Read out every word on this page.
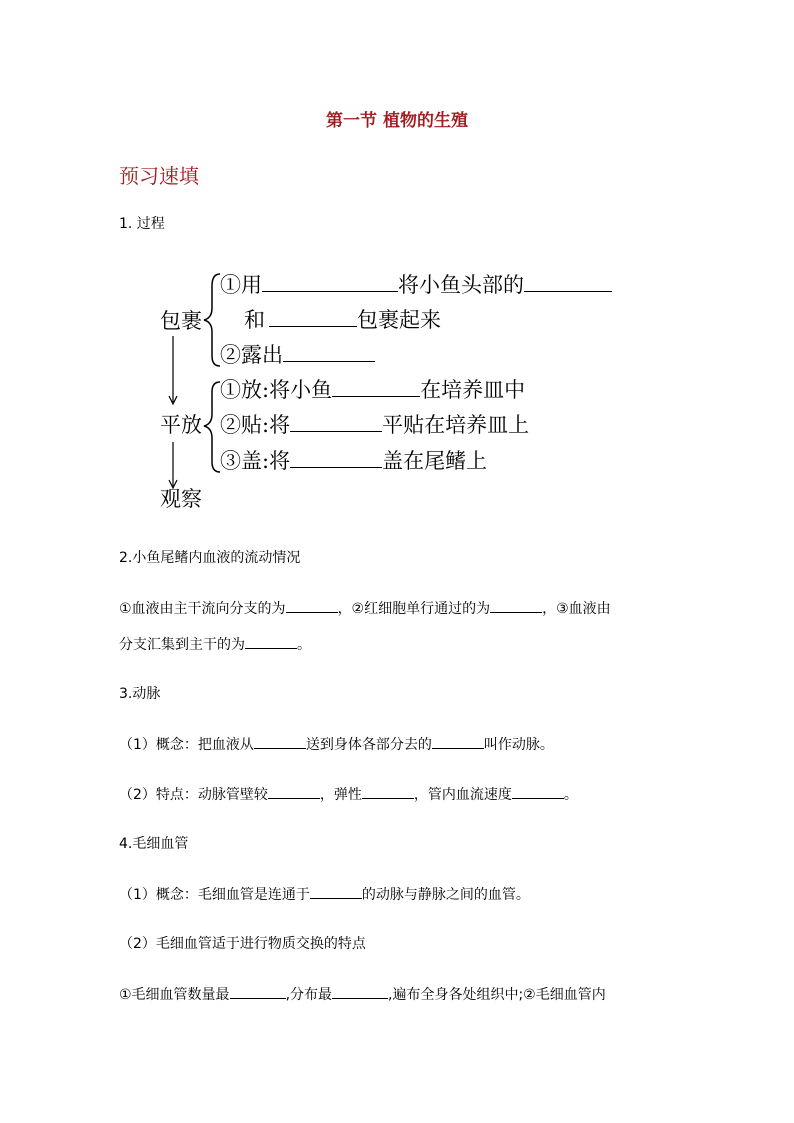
第一节 植物的生殖
预习速填
1. 过程
包裹
平放
观察
①用	将小鱼头部的
和	包裹起来
②露出
①放:将小鱼	在培养皿中
②贴:将	平贴在培养皿上
③盖:将	盖在尾鳍上
2.小鱼尾鳍内血液的流动情况
①血液由主干流向分支的为	，②红细胞单行通过的为	，③血液由
分支汇集到主干的为	。
3.动脉
（1）概念：把血液从	送到身体各部分去的	叫作动脉。
（2）特点：动脉管壁较	，弹性	，管内血流速度	。
4.毛细血管
（1）概念：毛细血管是连通于	的动脉与静脉之间的血管。
（2）毛细血管适于进行物质交换的特点
①毛细血管数量最	,分布最	,遍布全身各处组织中;②毛细血管内
